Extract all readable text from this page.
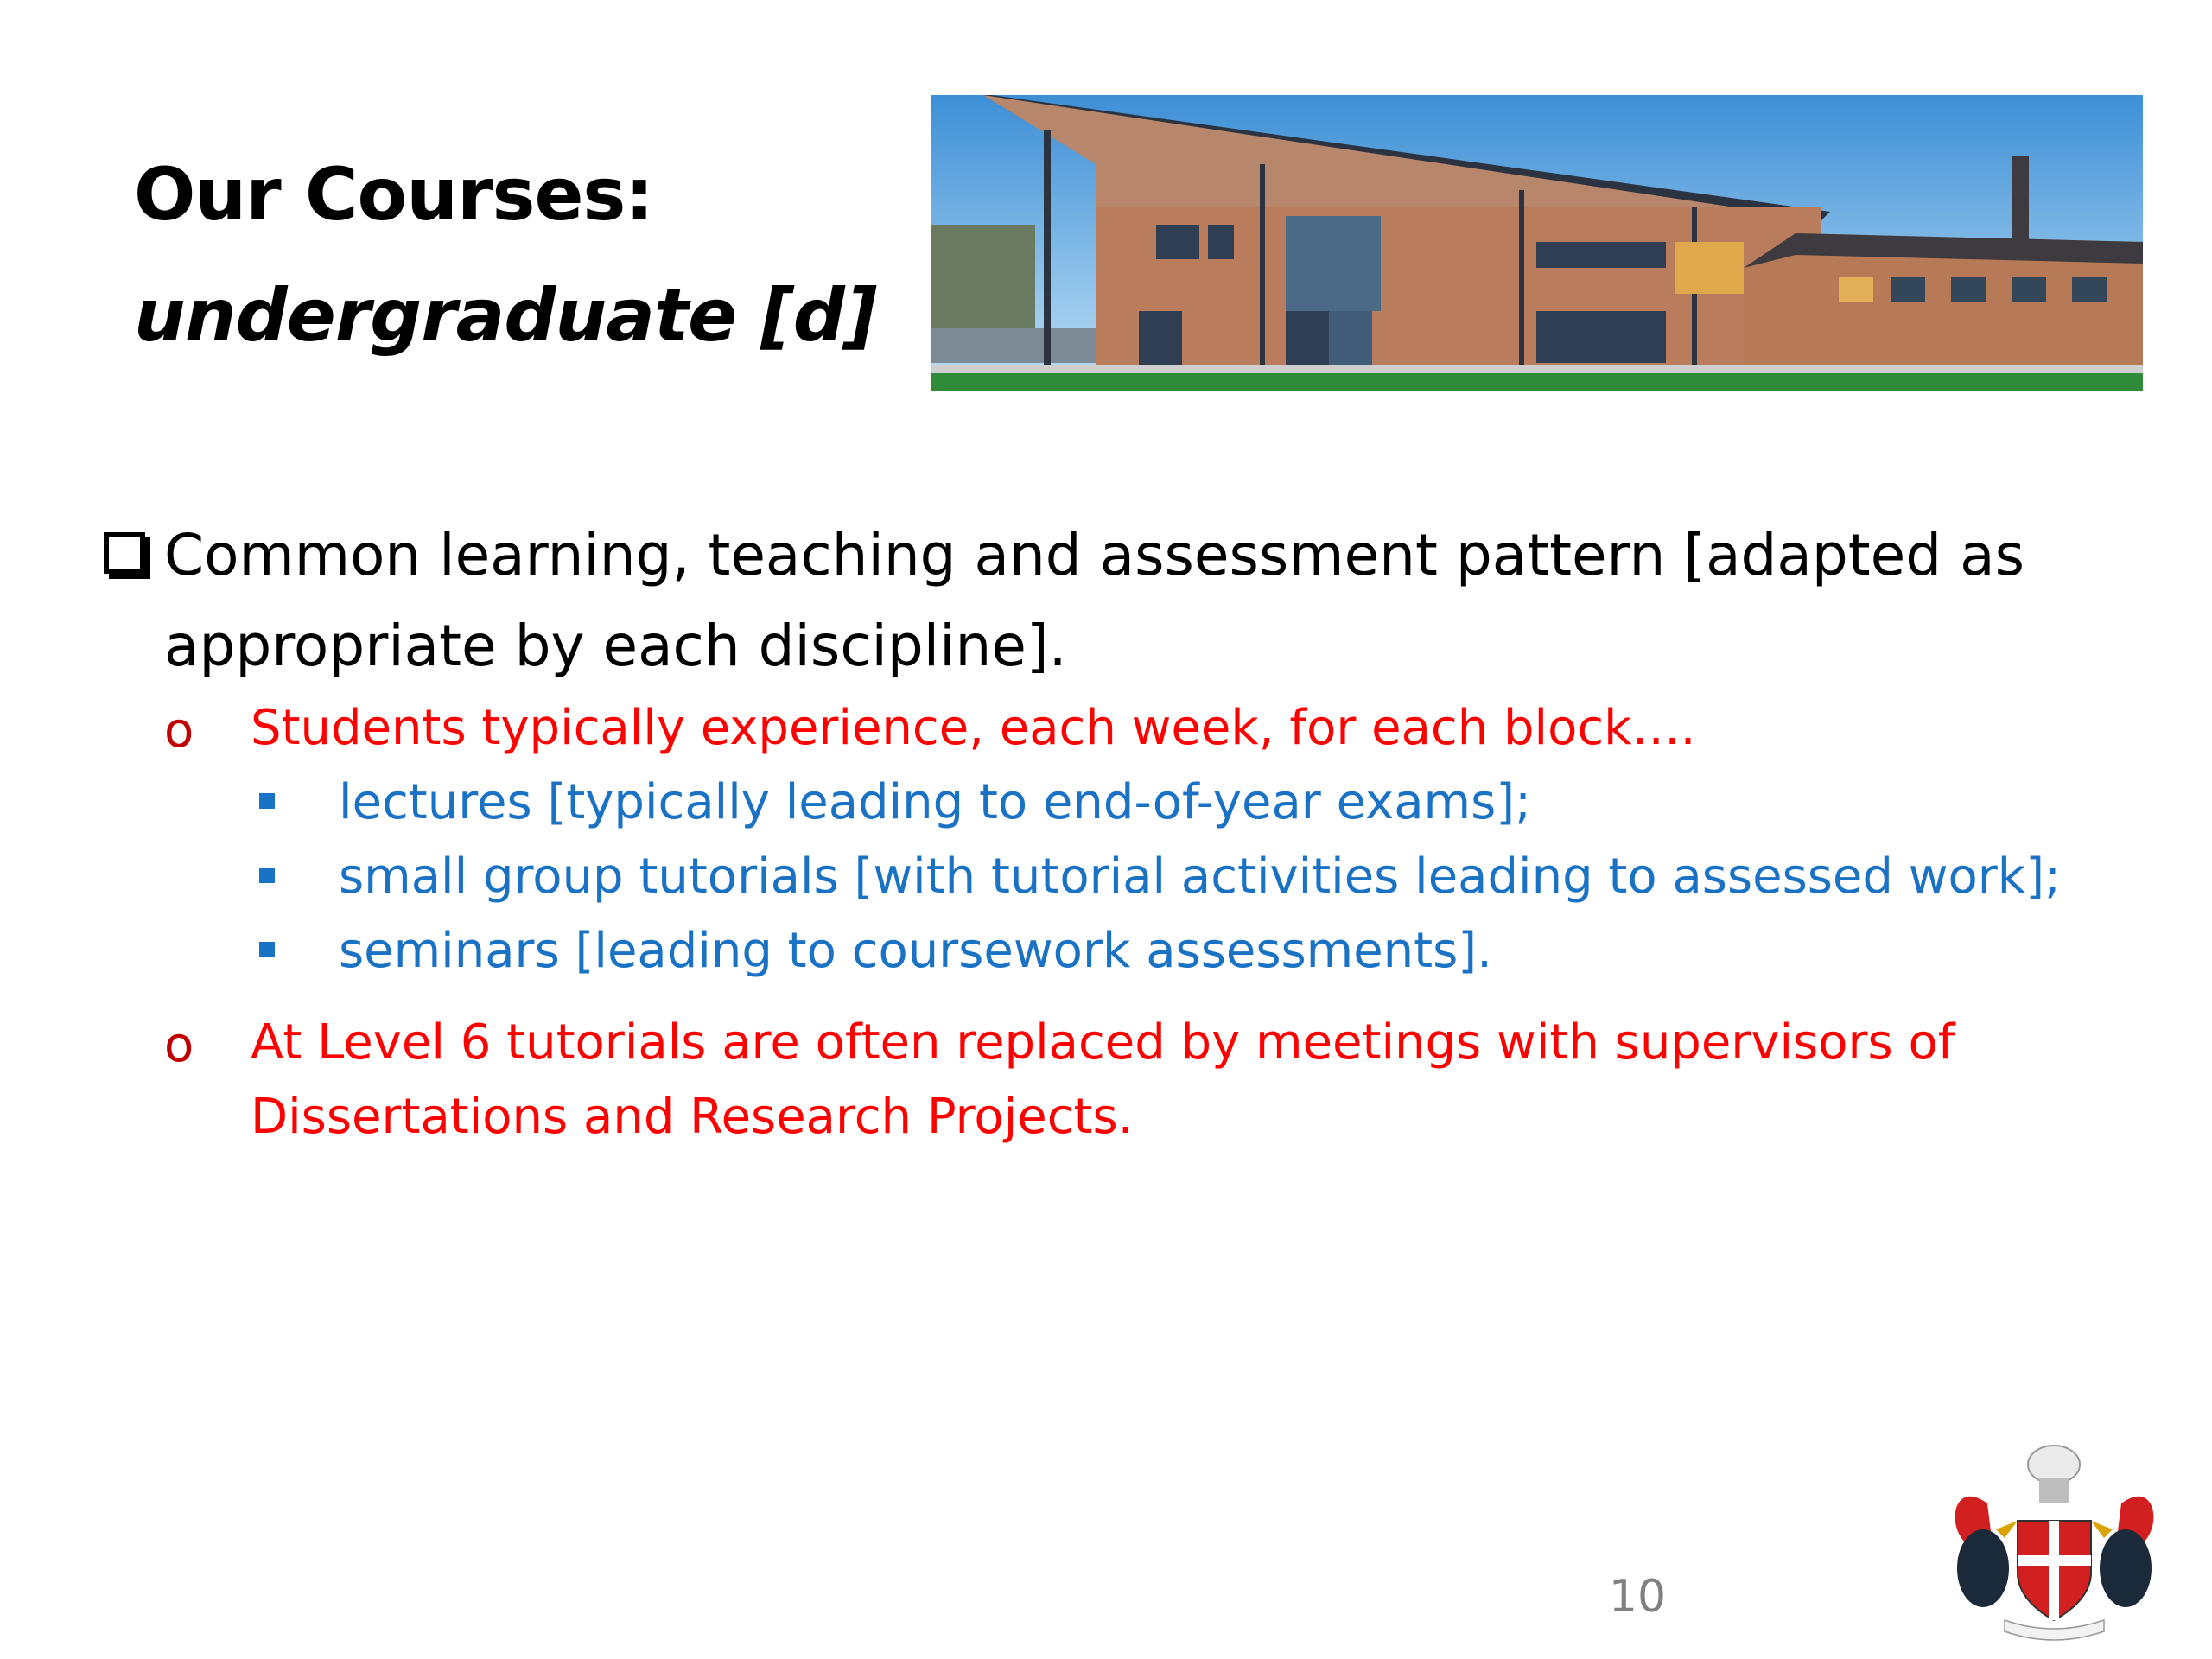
Our Courses:
undergraduate [d]
Common learning, teaching and assessment pattern [adapted as appropriate by each discipline].
o Students typically experience, each week, for each block….
lectures [typically leading to end-of-year exams];
small group tutorials [with tutorial activities leading to assessed work];
seminars [leading to coursework assessments].
o At Level 6 tutorials are often replaced by meetings with supervisors of Dissertations and Research Projects.
10
